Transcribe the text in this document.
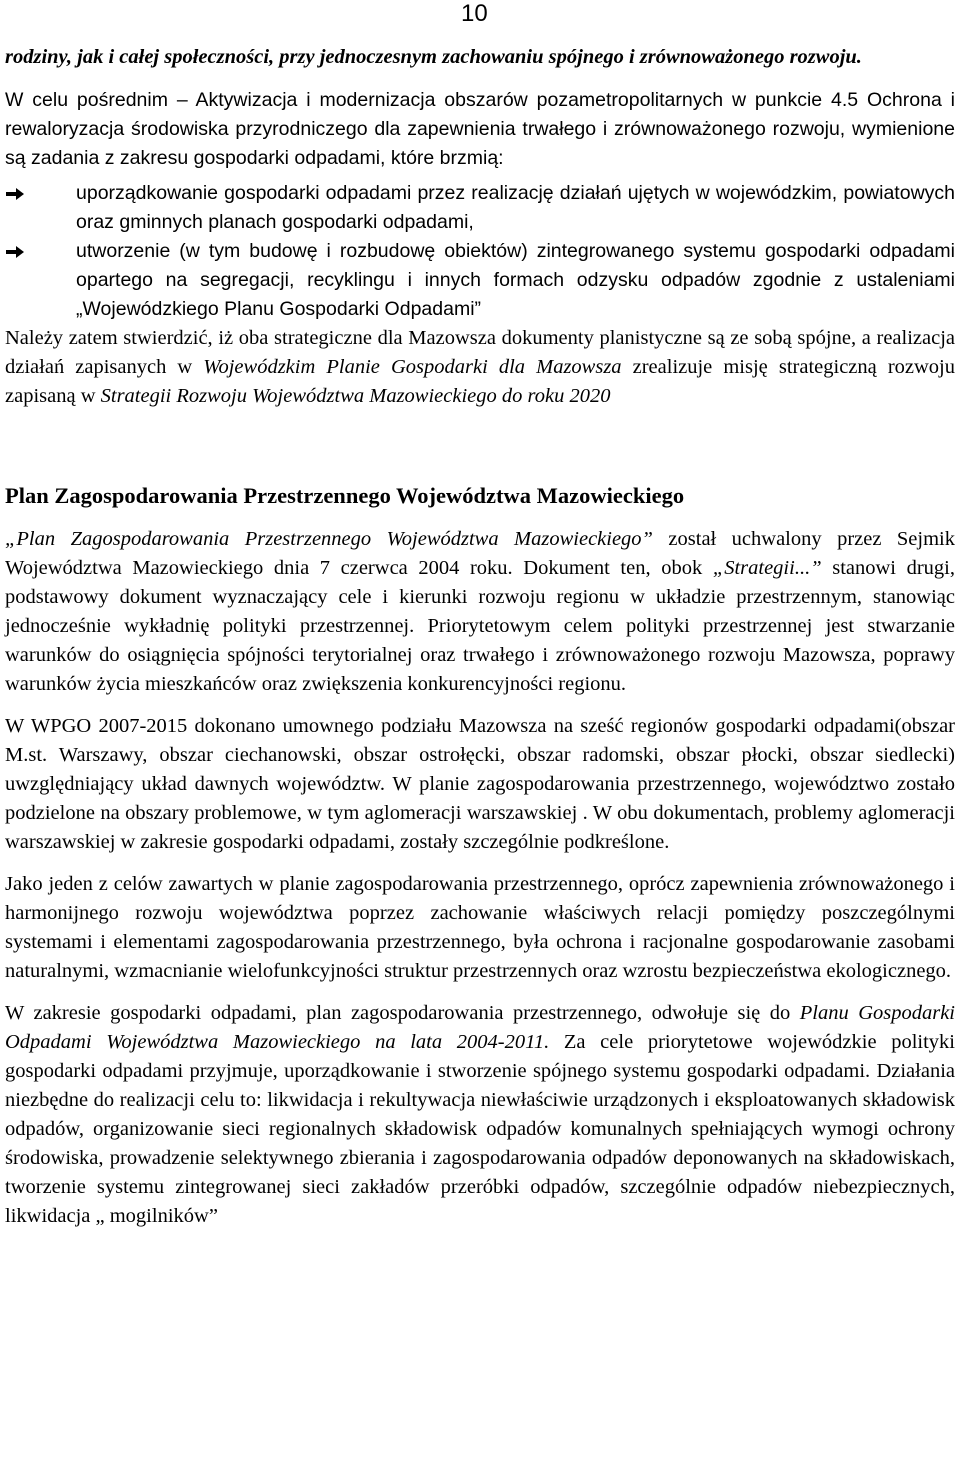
10

rodziny, jak i całej społeczności, przy jednoczesnym zachowaniu spójnego i zrównoważonego rozwoju.

W celu pośrednim – Aktywizacja i modernizacja obszarów pozametropolitarnych w punkcie 4.5 Ochrona i rewaloryzacja środowiska przyrodniczego dla zapewnienia trwałego i zrównoważonego rozwoju, wymienione są zadania z zakresu gospodarki odpadami, które brzmią:

uporządkowanie gospodarki odpadami przez realizację działań ujętych w wojewódzkim, powiatowych oraz gminnych planach gospodarki odpadami,
utworzenie (w tym budowę i rozbudowę obiektów) zintegrowanego systemu gospodarki odpadami opartego na segregacji, recyklingu i innych formach odzysku odpadów zgodnie z ustaleniami „Wojewódzkiego Planu Gospodarki Odpadami”

Należy zatem stwierdzić, iż oba strategiczne dla Mazowsza dokumenty planistyczne są ze sobą spójne, a realizacja działań zapisanych w Wojewódzkim Planie Gospodarki dla Mazowsza zrealizuje misję strategiczną rozwoju zapisaną w Strategii Rozwoju Województwa Mazowieckiego do roku 2020

Plan Zagospodarowania Przestrzennego Województwa Mazowieckiego

„Plan Zagospodarowania Przestrzennego Województwa Mazowieckiego” został uchwalony przez Sejmik Województwa Mazowieckiego dnia 7 czerwca 2004 roku. Dokument ten, obok „Strategii...” stanowi drugi, podstawowy dokument wyznaczający cele i kierunki rozwoju regionu w układzie przestrzennym, stanowiąc jednocześnie wykładnię polityki przestrzennej. Priorytetowym celem polityki przestrzennej jest stwarzanie warunków do osiągnięcia spójności terytorialnej oraz trwałego i zrównoważonego rozwoju Mazowsza, poprawy warunków życia mieszkańców oraz zwiększenia konkurencyjności regionu.

W WPGO 2007-2015 dokonano umownego podziału Mazowsza na sześć regionów gospodarki odpadami(obszar M.st. Warszawy, obszar ciechanowski, obszar ostrołęcki, obszar radomski, obszar płocki, obszar siedlecki) uwzględniający układ dawnych województw. W planie zagospodarowania przestrzennego, województwo zostało podzielone na obszary problemowe, w tym aglomeracji warszawskiej . W obu dokumentach, problemy aglomeracji warszawskiej w zakresie gospodarki odpadami, zostały szczególnie podkreślone.

Jako jeden z celów zawartych w planie zagospodarowania przestrzennego, oprócz zapewnienia zrównoważonego i harmonijnego rozwoju województwa poprzez zachowanie właściwych relacji pomiędzy poszczególnymi systemami i elementami zagospodarowania przestrzennego, była ochrona i racjonalne gospodarowanie zasobami naturalnymi, wzmacnianie wielofunkcyjności struktur przestrzennych oraz wzrostu bezpieczeństwa ekologicznego.

W zakresie gospodarki odpadami, plan zagospodarowania przestrzennego, odwołuje się do Planu Gospodarki Odpadami Województwa Mazowieckiego na lata 2004-2011. Za cele priorytetowe wojewódzkie polityki gospodarki odpadami przyjmuje, uporządkowanie i stworzenie spójnego systemu gospodarki odpadami. Działania niezbędne do realizacji celu to: likwidacja i rekultywacja niewłaściwie urządzonych i eksploatowanych składowisk odpadów, organizowanie sieci regionalnych składowisk odpadów komunalnych spełniających wymogi ochrony środowiska, prowadzenie selektywnego zbierania i zagospodarowania odpadów deponowanych na składowiskach, tworzenie systemu zintegrowanej sieci zakładów przeróbki odpadów, szczególnie odpadów niebezpiecznych, likwidacja „ mogilników”
